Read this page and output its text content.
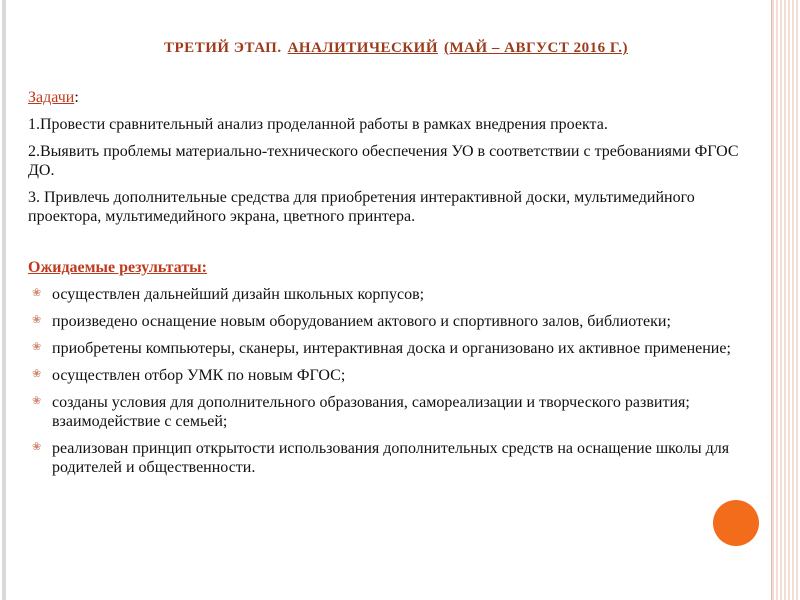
ТРЕТИЙ ЭТАП. АНАЛИТИЧЕСКИЙ (МАЙ – АВГУСТ 2016 Г.)
Задачи:
1.Провести сравнительный анализ проделанной работы в рамках внедрения проекта.
2.Выявить проблемы материально-технического обеспечения УО в соответствии с требованиями ФГОС ДО.
3. Привлечь дополнительные средства для приобретения интерактивной доски, мультимедийного проектора, мультимедийного экрана, цветного принтера.
Ожидаемые результаты:
❀ осуществлен дальнейший дизайн школьных корпусов;
❀ произведено оснащение новым оборудованием актового и спортивного залов, библиотеки;
❀ приобретены компьютеры, сканеры, интерактивная доска и организовано их активное применение;
❀ осуществлен отбор УМК по новым ФГОС;
❀ созданы условия для дополнительного образования, самореализации и творческого развития; взаимодействие с семьей;
❀ реализован принцип открытости использования дополнительных средств на оснащение школы для родителей и общественности.
